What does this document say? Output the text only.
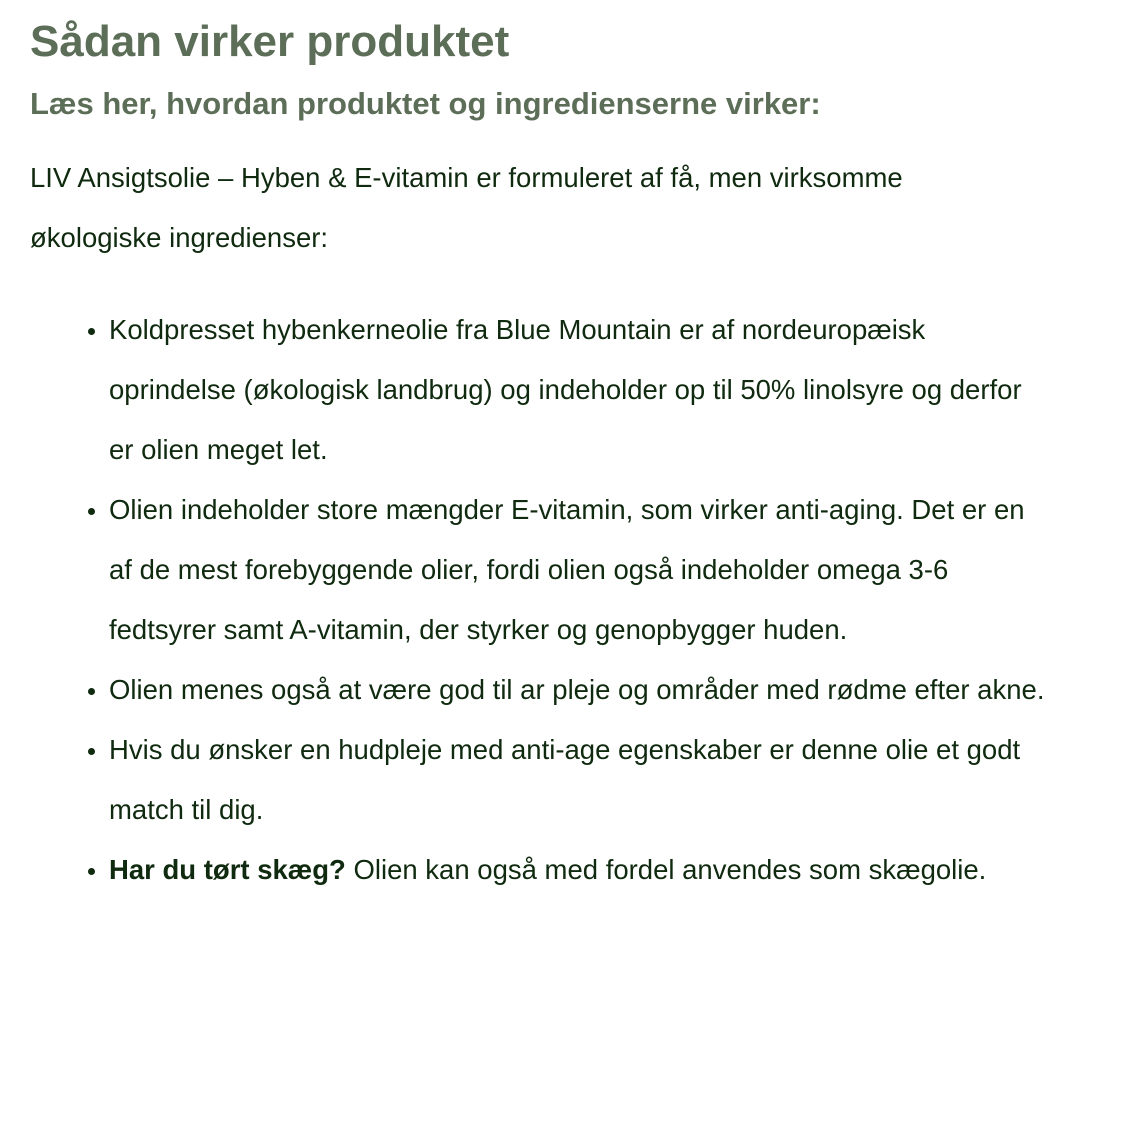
Sådan virker produktet
Læs her, hvordan produktet og ingredienserne virker:

LIV Ansigtsolie – Hyben & E-vitamin er formuleret af få, men virksomme økologiske ingredienser:

• Koldpresset hybenkerneolie fra Blue Mountain er af nordeuropæisk oprindelse (økologisk landbrug) og indeholder op til 50% linolsyre og derfor er olien meget let.
• Olien indeholder store mængder E-vitamin, som virker anti-aging. Det er en af de mest forebyggende olier, fordi olien også indeholder omega 3-6 fedtsyrer samt A-vitamin, der styrker og genopbygger huden.
• Olien menes også at være god til ar pleje og områder med rødme efter akne.
• Hvis du ønsker en hudpleje med anti-age egenskaber er denne olie et godt match til dig.
• Har du tørt skæg? Olien kan også med fordel anvendes som skægolie.
